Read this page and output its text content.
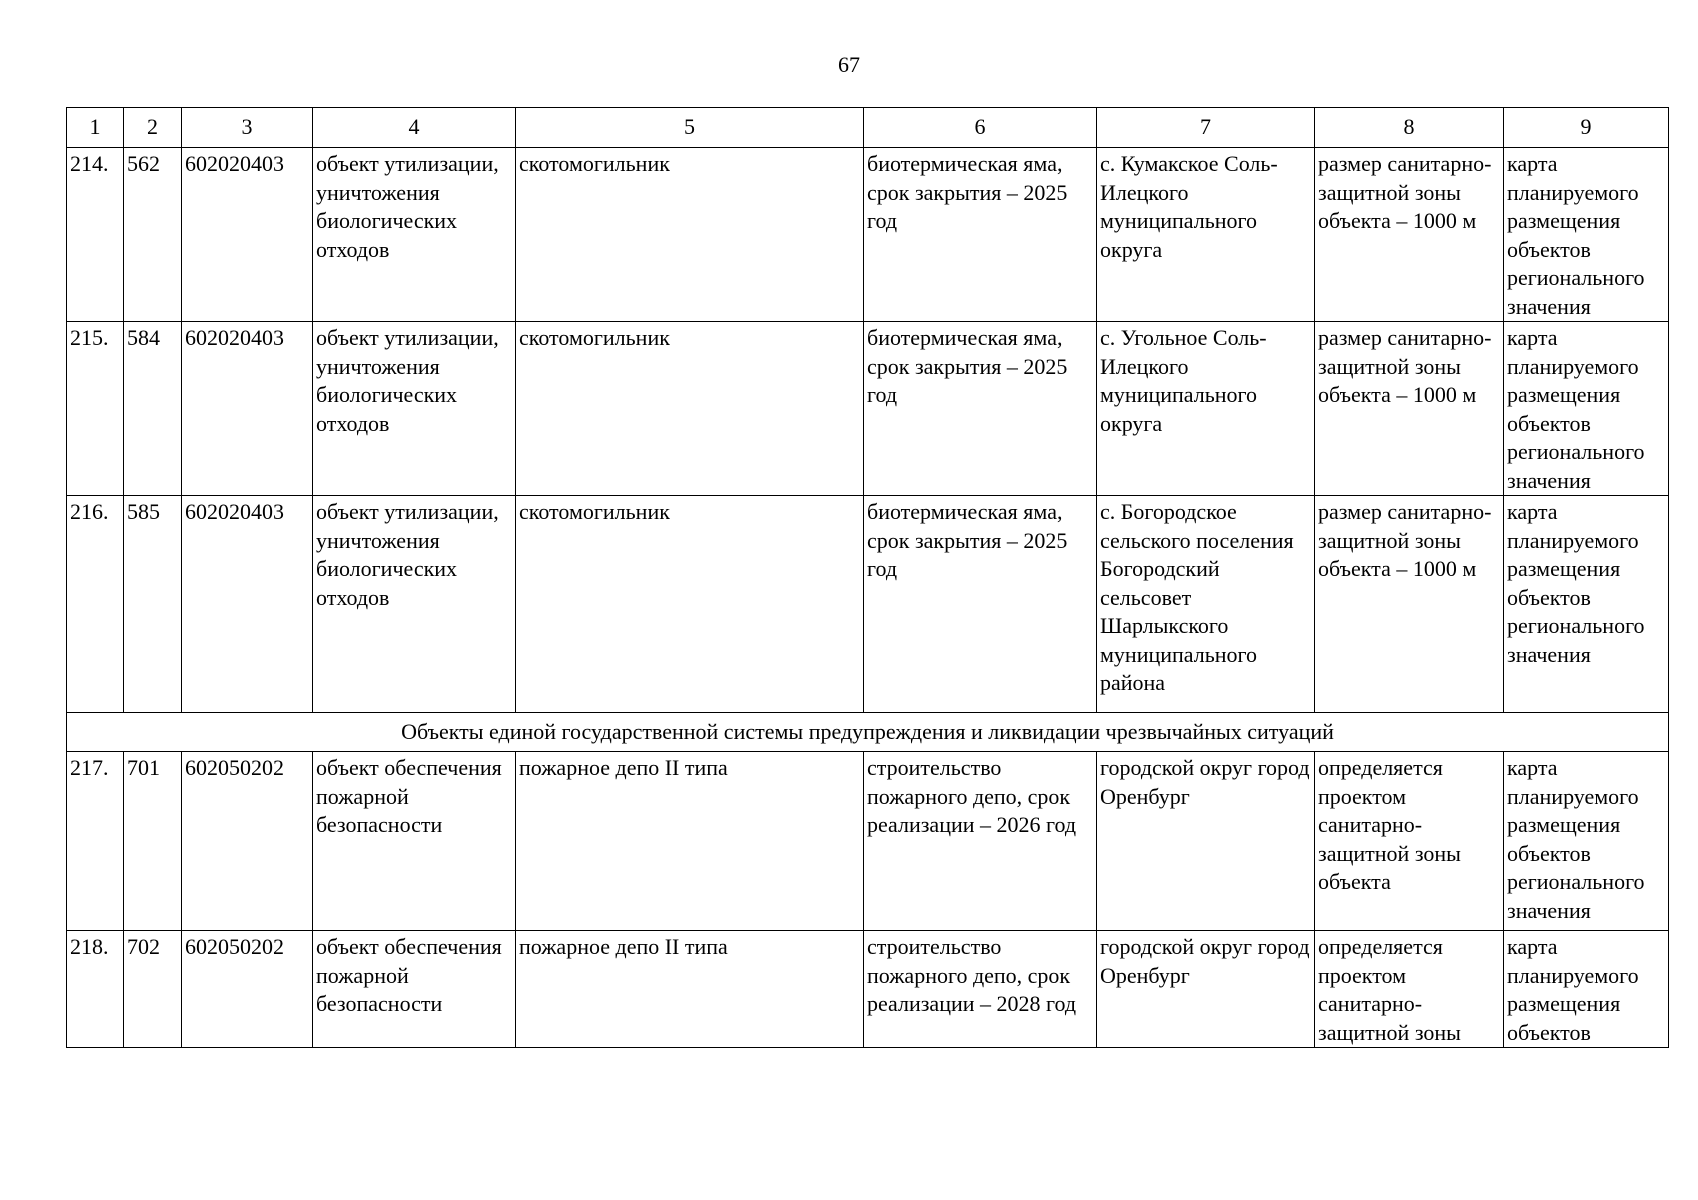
67
1	2	3	4	5	6	7	8	9
214.	562	602020403	объект утилизации, уничтожения биологических отходов	скотомогильник	биотермическая яма, срок закрытия – 2025 год	с. Кумакское Соль-Илецкого муниципального округа	размер санитарно-защитной зоны объекта – 1000 м	карта планируемого размещения объектов регионального значения
215.	584	602020403	объект утилизации, уничтожения биологических отходов	скотомогильник	биотермическая яма, срок закрытия – 2025 год	с. Угольное Соль-Илецкого муниципального округа	размер санитарно-защитной зоны объекта – 1000 м	карта планируемого размещения объектов регионального значения
216.	585	602020403	объект утилизации, уничтожения биологических отходов	скотомогильник	биотермическая яма, срок закрытия – 2025 год	с. Богородское сельского поселения Богородский сельсовет Шарлыкского муниципального района	размер санитарно-защитной зоны объекта – 1000 м	карта планируемого размещения объектов регионального значения
Объекты единой государственной системы предупреждения и ликвидации чрезвычайных ситуаций								
217.	701	602050202	объект обеспечения пожарной безопасности	пожарное депо II типа	строительство пожарного депо, срок реализации – 2026 год	городской округ город Оренбург	определяется проектом санитарно-защитной зоны объекта	карта планируемого размещения объектов регионального значения
218.	702	602050202	объект обеспечения пожарной безопасности	пожарное депо II типа	строительство пожарного депо, срок реализации – 2028 год	городской округ город Оренбург	определяется проектом санитарно-защитной зоны	карта планируемого размещения объектов
